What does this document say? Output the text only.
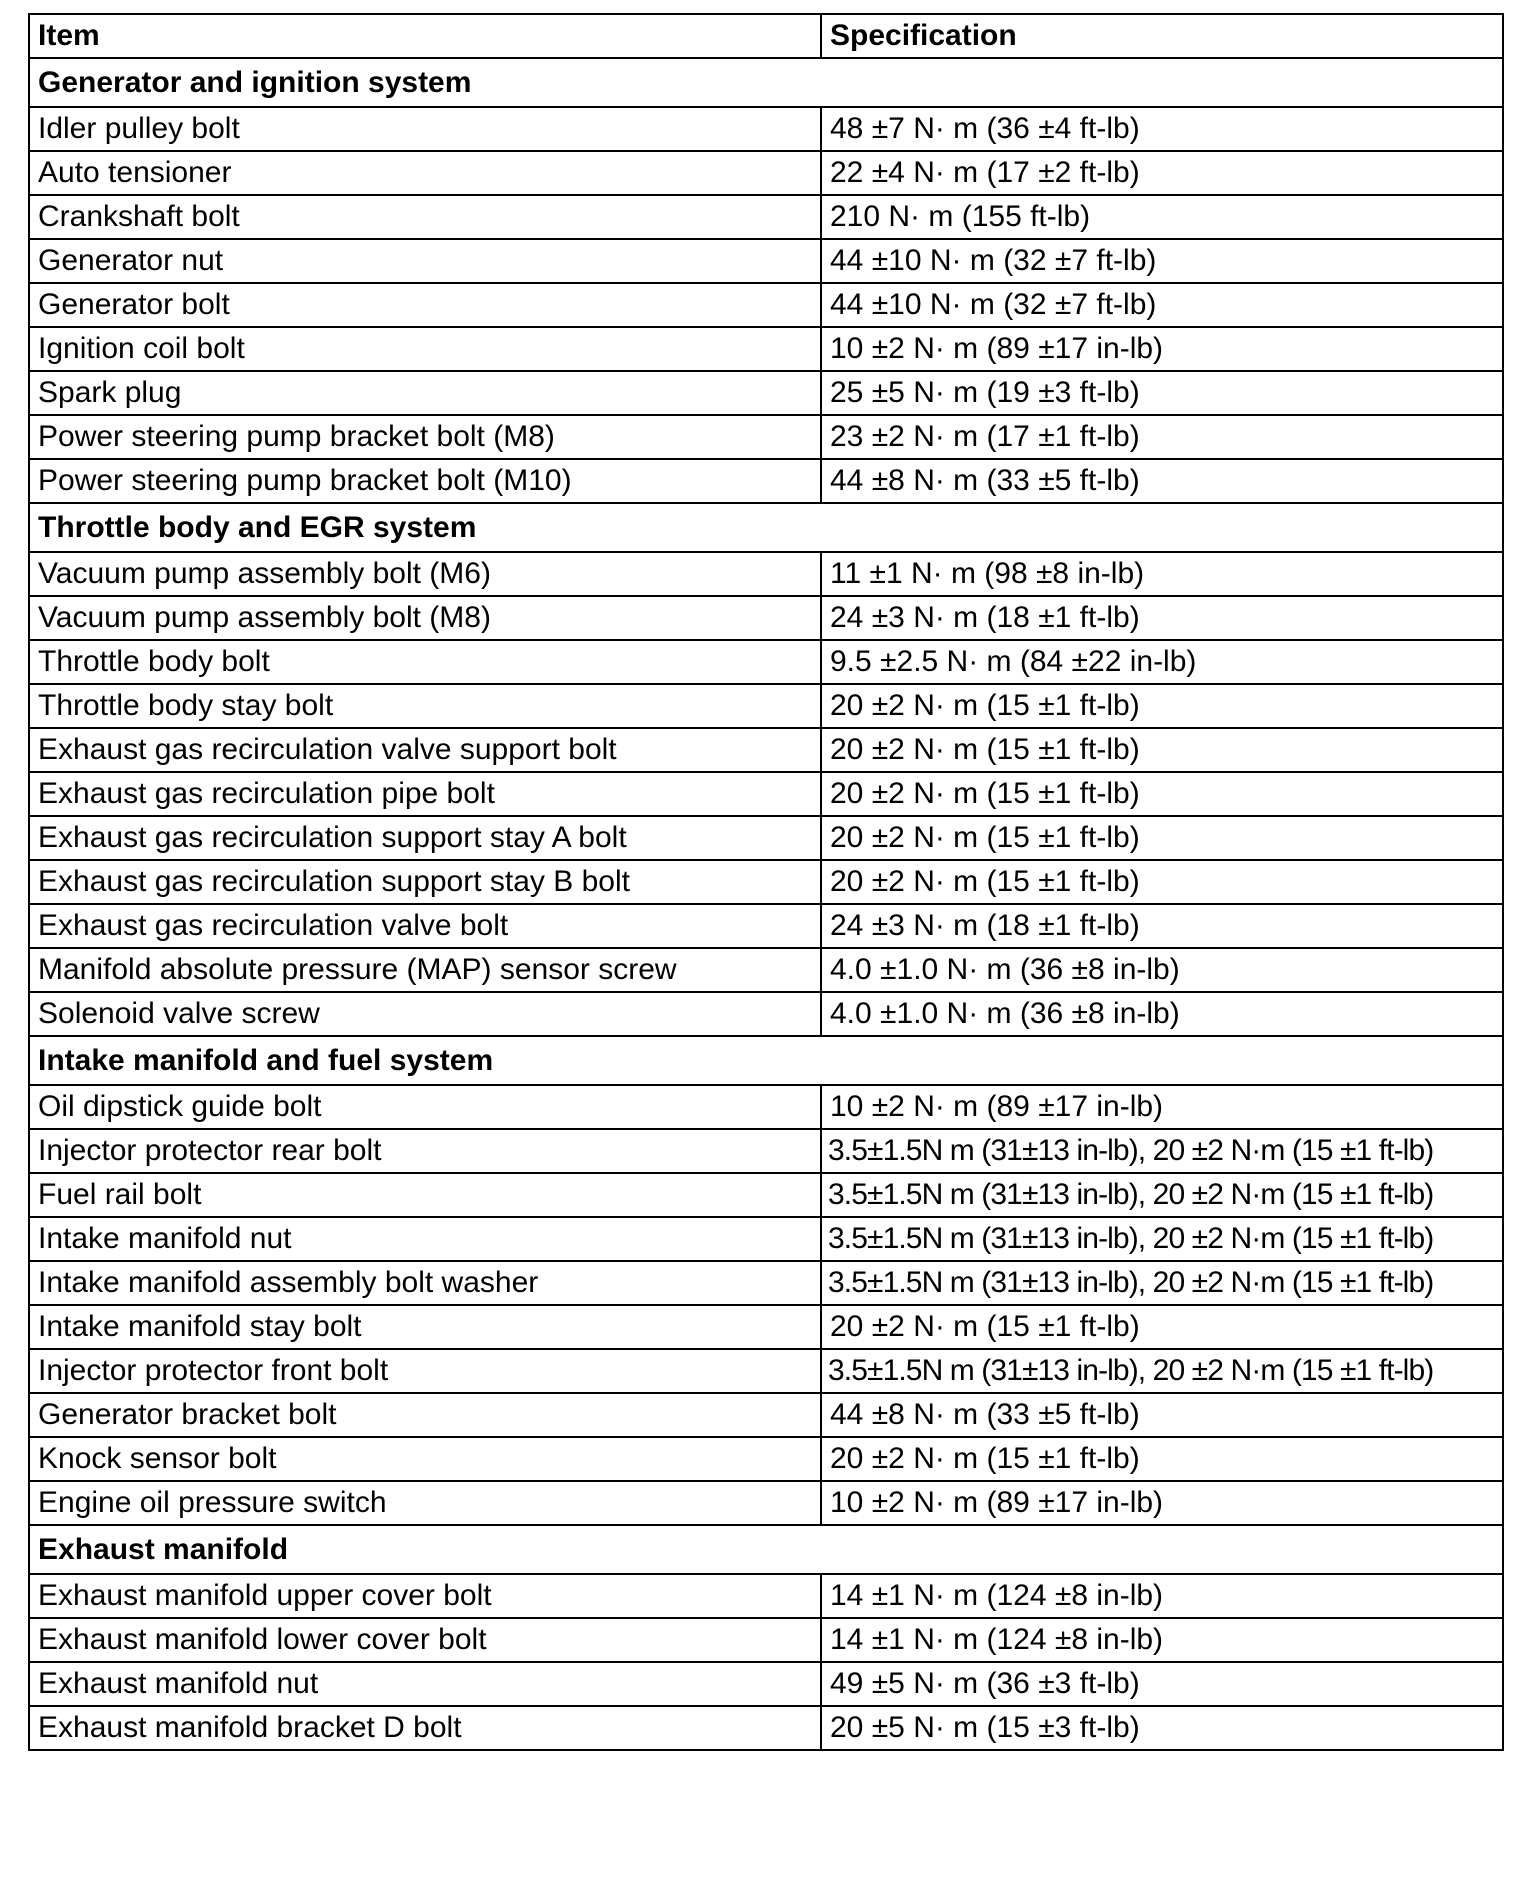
Item	Specification
Generator and ignition system	
Idler pulley bolt	48 ±7 N· m (36 ±4 ft-lb)
Auto tensioner	22 ±4 N· m (17 ±2 ft-lb)
Crankshaft bolt	210 N· m (155 ft-lb)
Generator nut	44 ±10 N· m (32 ±7 ft-lb)
Generator bolt	44 ±10 N· m (32 ±7 ft-lb)
Ignition coil bolt	10 ±2 N· m (89 ±17 in-lb)
Spark plug	25 ±5 N· m (19 ±3 ft-lb)
Power steering pump bracket bolt (M8)	23 ±2 N· m (17 ±1 ft-lb)
Power steering pump bracket bolt (M10)	44 ±8 N· m (33 ±5 ft-lb)
Throttle body and EGR system	
Vacuum pump assembly bolt (M6)	11 ±1 N· m (98 ±8 in-lb)
Vacuum pump assembly bolt (M8)	24 ±3 N· m (18 ±1 ft-lb)
Throttle body bolt	9.5 ±2.5 N· m (84 ±22 in-lb)
Throttle body stay bolt	20 ±2 N· m (15 ±1 ft-lb)
Exhaust gas recirculation valve support bolt	20 ±2 N· m (15 ±1 ft-lb)
Exhaust gas recirculation pipe bolt	20 ±2 N· m (15 ±1 ft-lb)
Exhaust gas recirculation support stay A bolt	20 ±2 N· m (15 ±1 ft-lb)
Exhaust gas recirculation support stay B bolt	20 ±2 N· m (15 ±1 ft-lb)
Exhaust gas recirculation valve bolt	24 ±3 N· m (18 ±1 ft-lb)
Manifold absolute pressure (MAP) sensor screw	4.0 ±1.0 N· m (36 ±8 in-lb)
Solenoid valve screw	4.0 ±1.0 N· m (36 ±8 in-lb)
Intake manifold and fuel system	
Oil dipstick guide bolt	10 ±2 N· m (89 ±17 in-lb)
Injector protector rear bolt	3.5±1.5N m (31±13 in-lb), 20 ±2 N·m (15 ±1 ft-lb)
Fuel rail bolt	3.5±1.5N m (31±13 in-lb), 20 ±2 N·m (15 ±1 ft-lb)
Intake manifold nut	3.5±1.5N m (31±13 in-lb), 20 ±2 N·m (15 ±1 ft-lb)
Intake manifold assembly bolt washer	3.5±1.5N m (31±13 in-lb), 20 ±2 N·m (15 ±1 ft-lb)
Intake manifold stay bolt	20 ±2 N· m (15 ±1 ft-lb)
Injector protector front bolt	3.5±1.5N m (31±13 in-lb), 20 ±2 N·m (15 ±1 ft-lb)
Generator bracket bolt	44 ±8 N· m (33 ±5 ft-lb)
Knock sensor bolt	20 ±2 N· m (15 ±1 ft-lb)
Engine oil pressure switch	10 ±2 N· m (89 ±17 in-lb)
Exhaust manifold	
Exhaust manifold upper cover bolt	14 ±1 N· m (124 ±8 in-lb)
Exhaust manifold lower cover bolt	14 ±1 N· m (124 ±8 in-lb)
Exhaust manifold nut	49 ±5 N· m (36 ±3 ft-lb)
Exhaust manifold bracket D bolt	20 ±5 N· m (15 ±3 ft-lb)
